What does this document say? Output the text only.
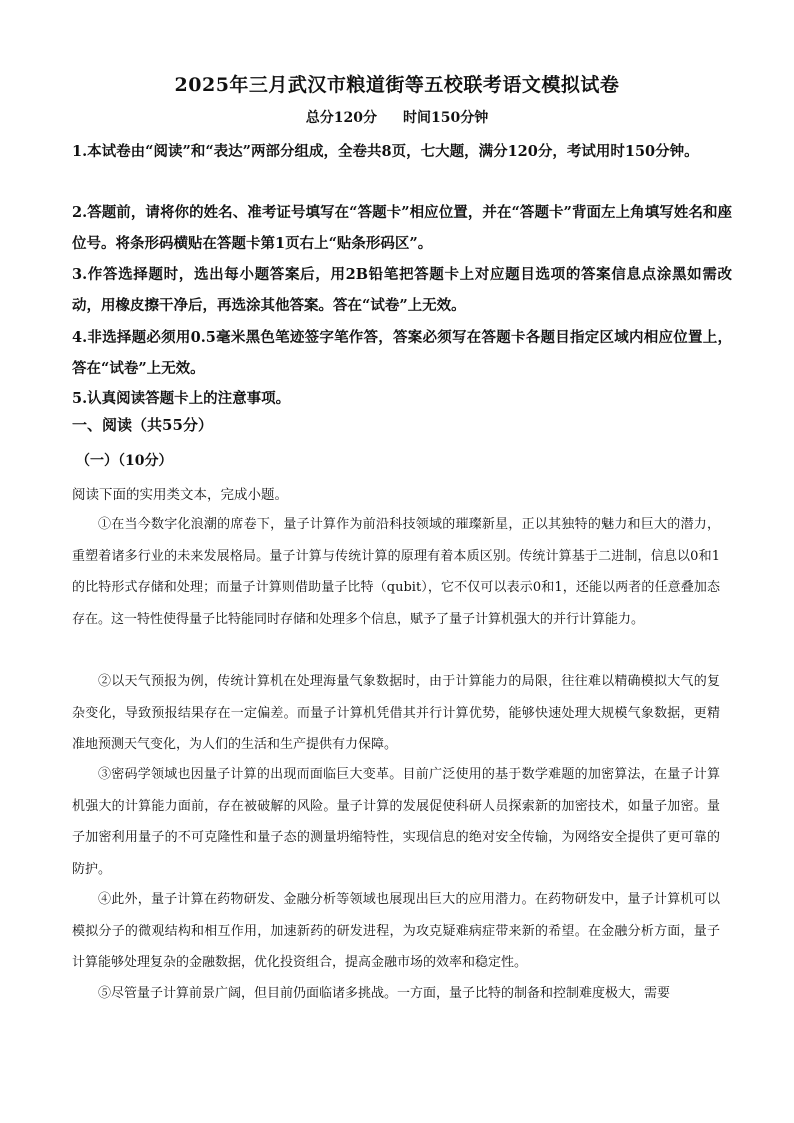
2025年三月武汉市粮道街等五校联考语文模拟试卷
总分120分 时间150分钟
1.本试卷由“阅读”和“表达”两部分组成，全卷共8页，七大题，满分120分，考试用时150分钟。
2.答题前，请将你的姓名、准考证号填写在“答题卡”相应位置，并在“答题卡”背面左上角填写姓名和座位号。将条形码横贴在答题卡第1页右上“贴条形码区”。
3.作答选择题时，选出每小题答案后，用2B铅笔把答题卡上对应题目选项的答案信息点涂黑如需改动，用橡皮擦干净后，再选涂其他答案。答在“试卷”上无效。
4.非选择题必须用0.5毫米黑色笔迹签字笔作答，答案必须写在答题卡各题目指定区域内相应位置上，答在“试卷”上无效。
5.认真阅读答题卡上的注意事项。
一、阅读（共55分）
（一）（10分）
阅读下面的实用类文本，完成小题。
①在当今数字化浪潮的席卷下，量子计算作为前沿科技领域的璀璨新星，正以其独特的魅力和巨大的潜力，重塑着诸多行业的未来发展格局。量子计算与传统计算的原理有着本质区别。传统计算基于二进制，信息以0和1的比特形式存储和处理；而量子计算则借助量子比特（qubit），它不仅可以表示0和1，还能以两者的任意叠加态存在。这一特性使得量子比特能同时存储和处理多个信息，赋予了量子计算机强大的并行计算能力。
②以天气预报为例，传统计算机在处理海量气象数据时，由于计算能力的局限，往往难以精确模拟大气的复杂变化，导致预报结果存在一定偏差。而量子计算机凭借其并行计算优势，能够快速处理大规模气象数据，更精准地预测天气变化，为人们的生活和生产提供有力保障。
③密码学领域也因量子计算的出现而面临巨大变革。目前广泛使用的基于数学难题的加密算法，在量子计算机强大的计算能力面前，存在被破解的风险。量子计算的发展促使科研人员探索新的加密技术，如量子加密。量子加密利用量子的不可克隆性和量子态的测量坍缩特性，实现信息的绝对安全传输，为网络安全提供了更可靠的防护。
④此外，量子计算在药物研发、金融分析等领域也展现出巨大的应用潜力。在药物研发中，量子计算机可以模拟分子的微观结构和相互作用，加速新药的研发进程，为攻克疑难病症带来新的希望。在金融分析方面，量子计算能够处理复杂的金融数据，优化投资组合，提高金融市场的效率和稳定性。
⑤尽管量子计算前景广阔，但目前仍面临诸多挑战。一方面，量子比特的制备和控制难度极大，需要
